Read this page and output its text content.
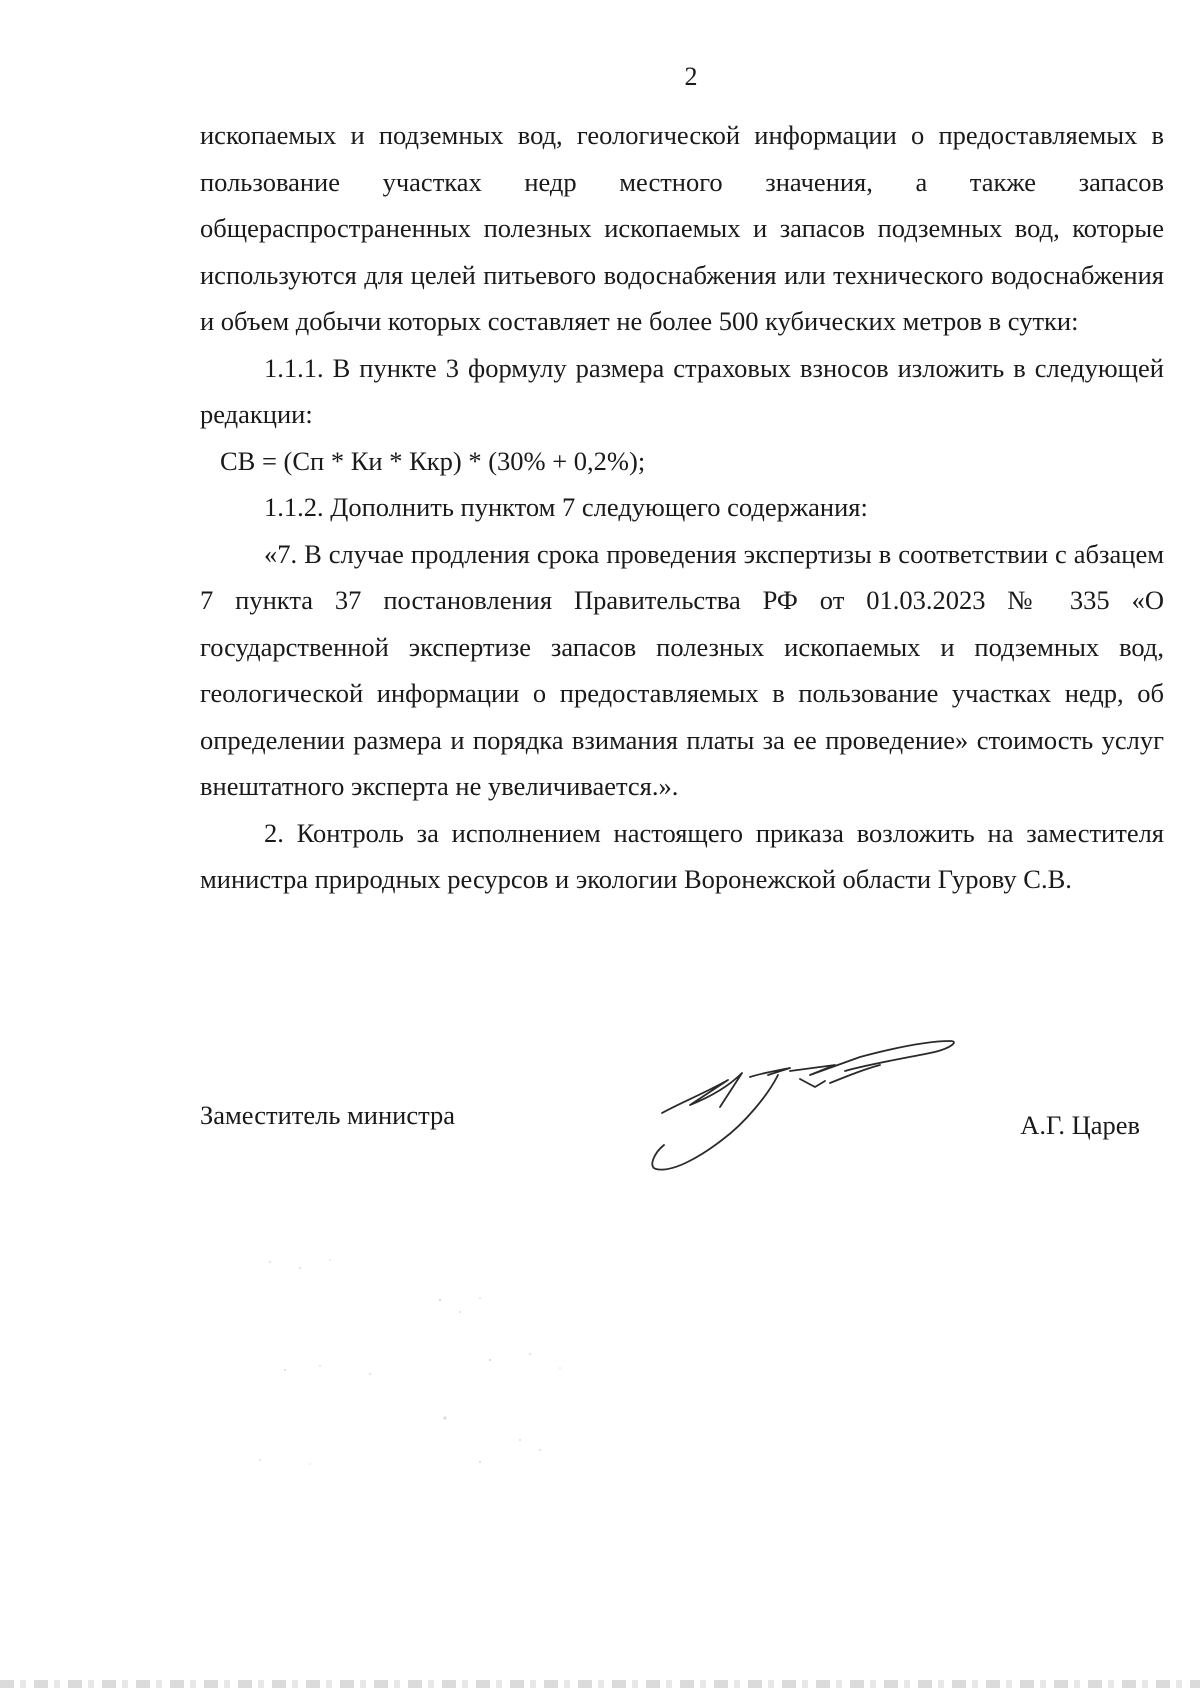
2

ископаемых и подземных вод, геологической информации о предоставляемых в пользование участках недр местного значения, а также запасов общераспространенных полезных ископаемых и запасов подземных вод, которые используются для целей питьевого водоснабжения или технического водоснабжения и объем добычи которых составляет не более 500 кубических метров в сутки:

1.1.1. В пункте 3 формулу размера страховых взносов изложить в следующей редакции:

СВ = (Сп * Ки * Ккр) * (30% + 0,2%);

1.1.2. Дополнить пунктом 7 следующего содержания:

«7. В случае продления срока проведения экспертизы в соответствии с абзацем 7 пункта 37 постановления Правительства РФ от 01.03.2023 № 335 «О государственной экспертизе запасов полезных ископаемых и подземных вод, геологической информации о предоставляемых в пользование участках недр, об определении размера и порядка взимания платы за ее проведение» стоимость услуг внештатного эксперта не увеличивается.».

2. Контроль за исполнением настоящего приказа возложить на заместителя министра природных ресурсов и экологии Воронежской области Гурову С.В.

Заместитель министра	А.Г. Царев
